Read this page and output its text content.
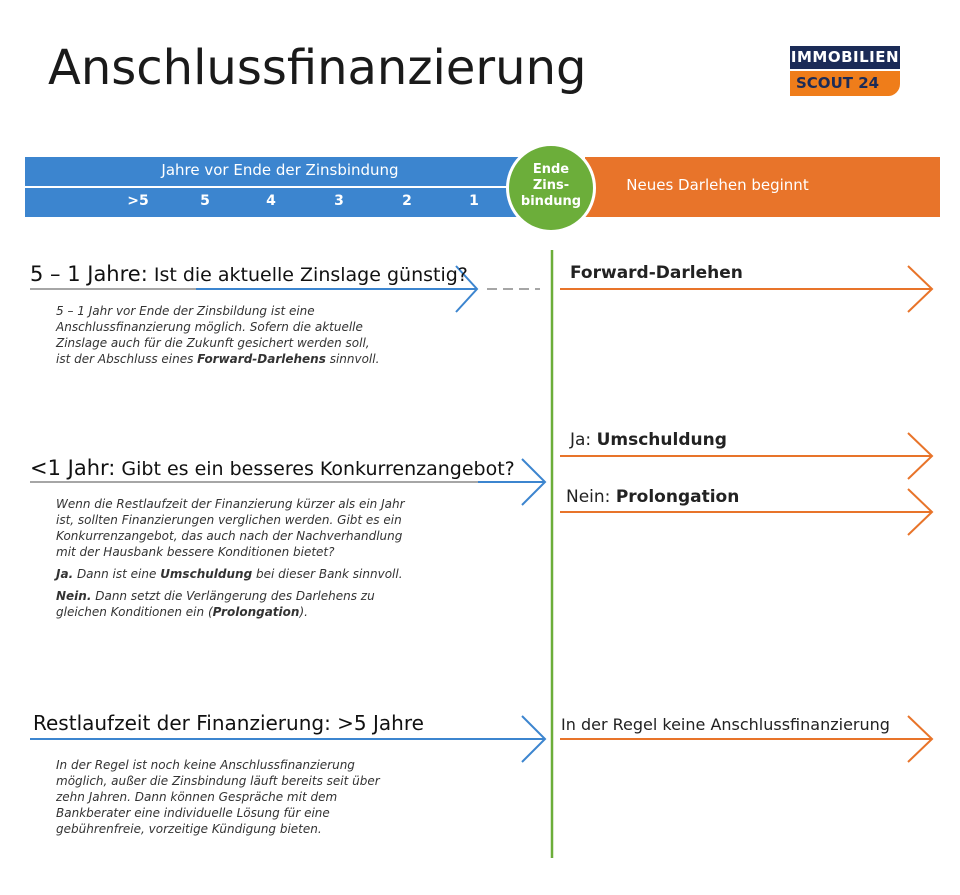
Anschlussfinanzierung	IMMOBILIEN
SCOUT 24
Jahre vor Ende der Zinsbindung
>5	5	4	3	2	1
Neues Darlehen beginnt
Ende
Zins-
bindung
5 – 1 Jahre: Ist die aktuelle Zinslage günstig?
5 – 1 Jahr vor Ende der Zinsbildung ist eine Anschlussfinanzierung möglich. Sofern die aktuelle Zinslage auch für die Zukunft gesichert werden soll, ist der Abschluss eines Forward-Darlehens sinnvoll.
Forward-Darlehen
<1 Jahr: Gibt es ein besseres Konkurrenzangebot?
Wenn die Restlaufzeit der Finanzierung kürzer als ein Jahr ist, sollten Finanzierungen verglichen werden. Gibt es ein Konkurrenzangebot, das auch nach der Nachverhandlung mit der Hausbank bessere Konditionen bietet?
Ja. Dann ist eine Umschuldung bei dieser Bank sinnvoll.
Nein. Dann setzt die Verlängerung des Darlehens zu gleichen Konditionen ein (Prolongation).
Ja: Umschuldung
Nein: Prolongation
Restlaufzeit der Finanzierung: >5 Jahre
In der Regel ist noch keine Anschlussfinanzierung möglich, außer die Zinsbindung läuft bereits seit über zehn Jahren. Dann können Gespräche mit dem Bankberater eine individuelle Lösung für eine gebührenfreie, vorzeitige Kündigung bieten.
In der Regel keine Anschlussfinanzierung
